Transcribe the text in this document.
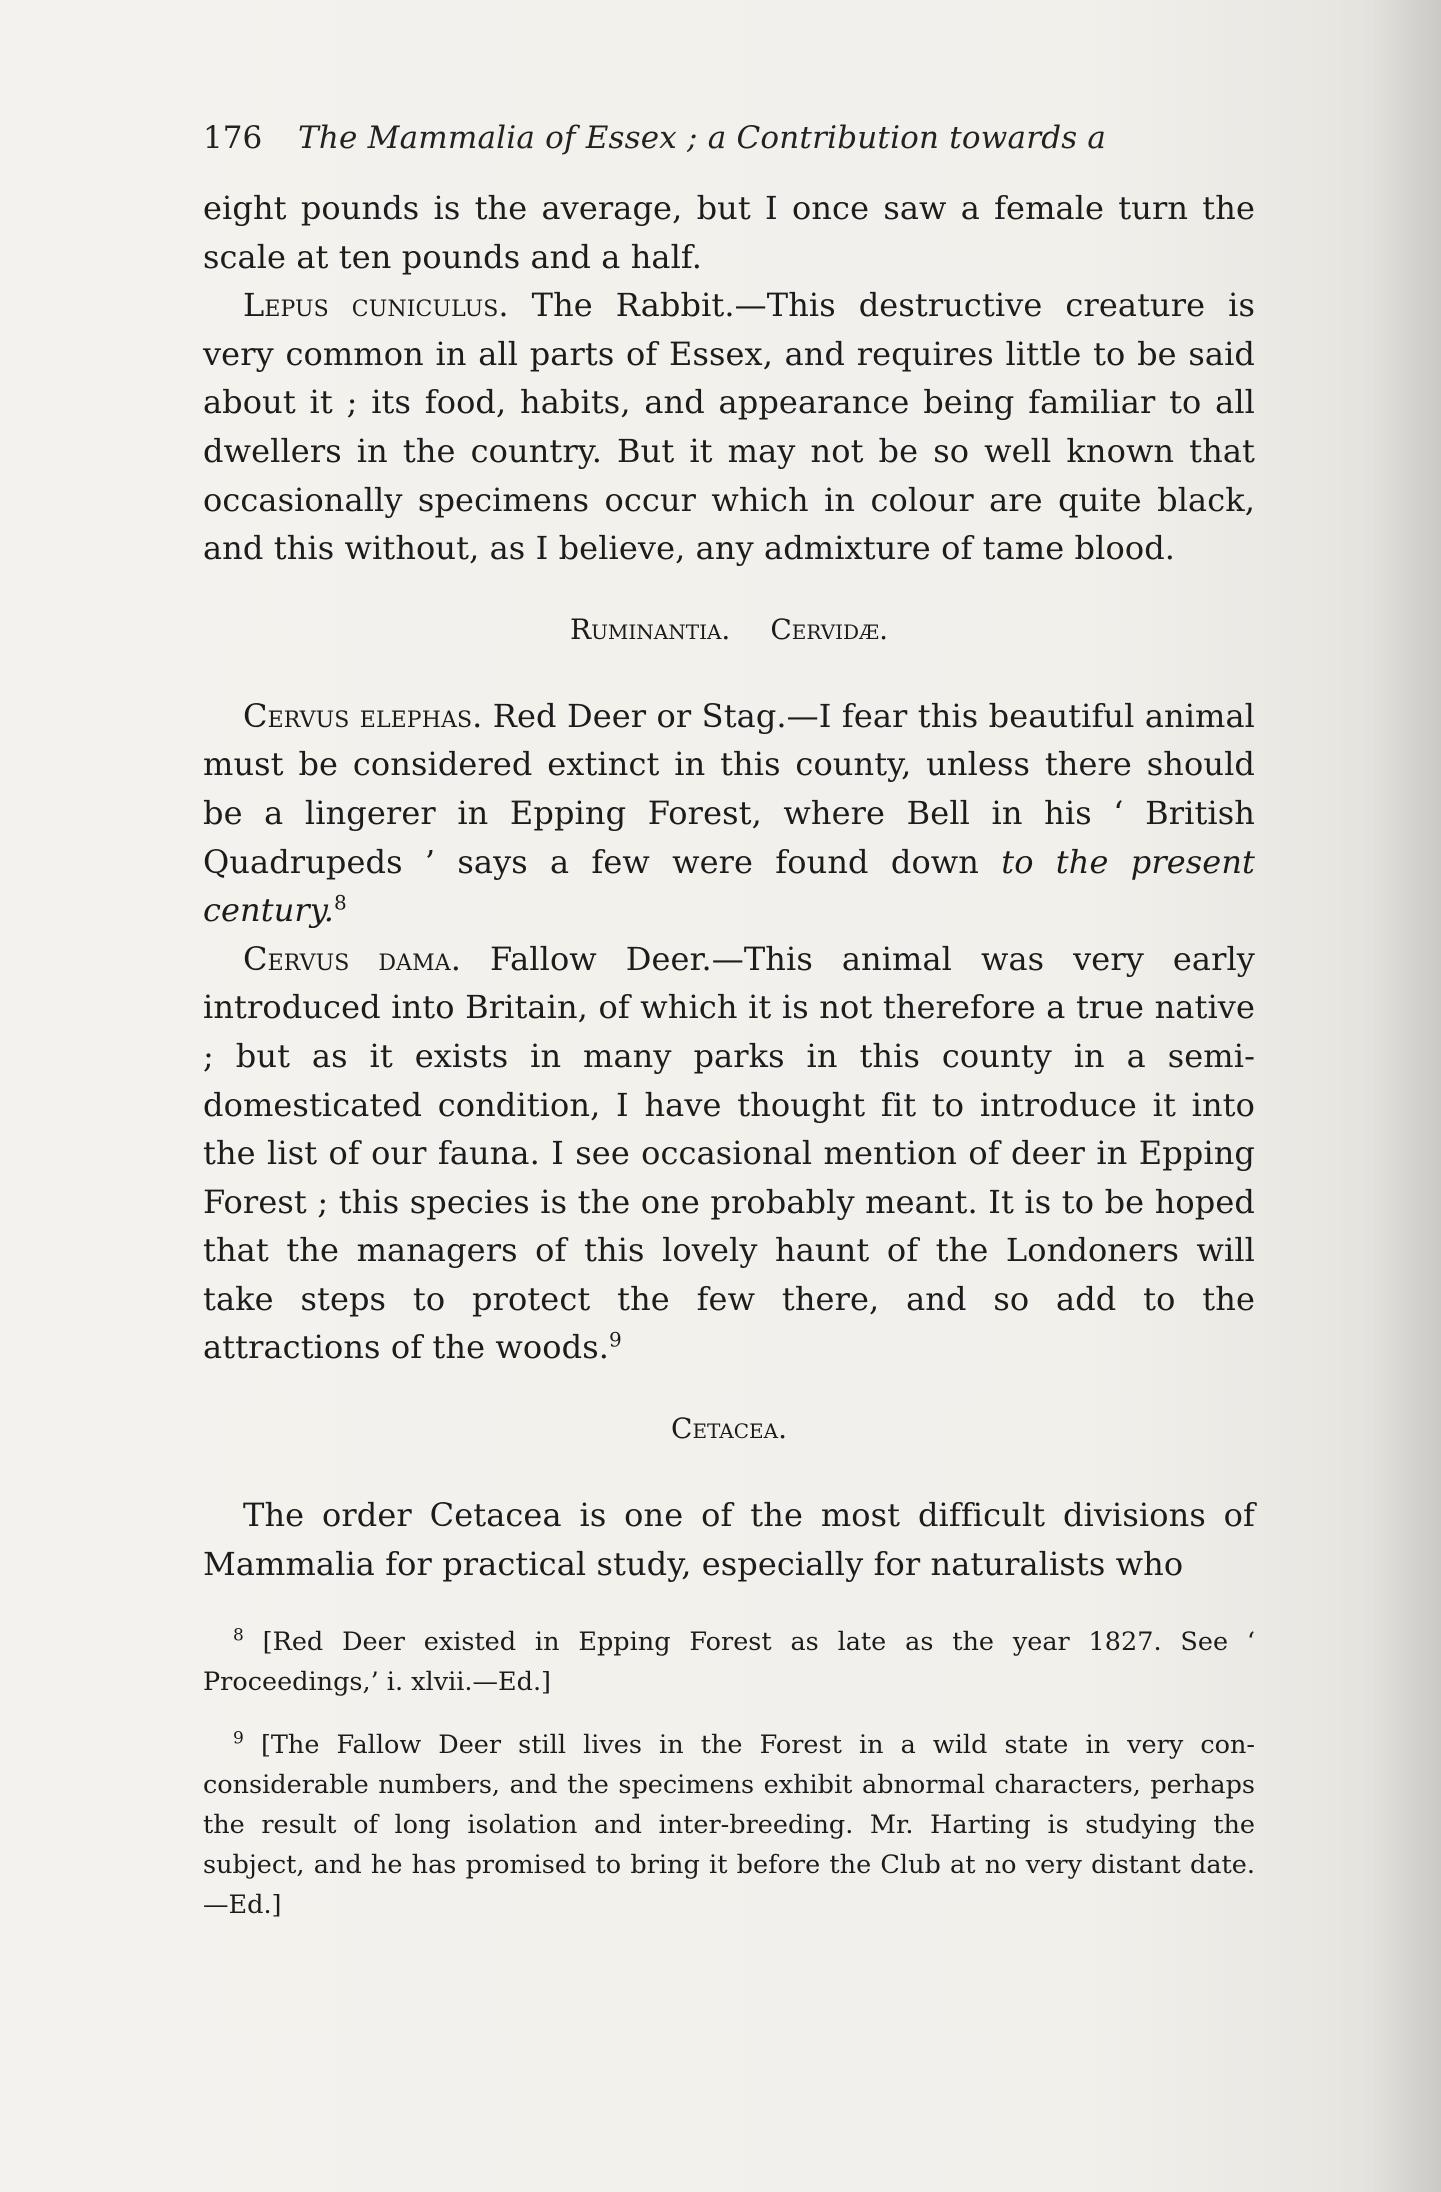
176	The Mammalia of Essex ; a Contribution towards a

eight pounds is the average, but I once saw a female turn the scale at ten pounds and a half.

Lepus cuniculus. The Rabbit.—This destructive creature is very common in all parts of Essex, and requires little to be said about it ; its food, habits, and appearance being familiar to all dwellers in the country. But it may not be so well known that occasionally specimens occur which in colour are quite black, and this without, as I believe, any admixture of tame blood.

Ruminantia. Cervidæ.

Cervus elephas. Red Deer or Stag.—I fear this beautiful animal must be considered extinct in this county, unless there should be a lingerer in Epping Forest, where Bell in his ‘ British Quadrupeds ’ says a few were found down to the present century.$^8$

Cervus dama. Fallow Deer.—This animal was very early introduced into Britain, of which it is not therefore a true native ; but as it exists in many parks in this county in a semi-domesticated condition, I have thought fit to introduce it into the list of our fauna. I see occasional mention of deer in Epping Forest ; this species is the one probably meant. It is to be hoped that the managers of this lovely haunt of the Londoners will take steps to protect the few there, and so add to the attractions of the woods.$^9$

Cetacea.

The order Cetacea is one of the most difficult divisions of Mammalia for practical study, especially for naturalists who

$^8$ [Red Deer existed in Epping Forest as late as the year 1827. See ‘ Proceedings,’ i. xlvii.—Ed.]

$^9$ [The Fallow Deer still lives in the Forest in a wild state in very con- considerable numbers, and the specimens exhibit abnormal characters, perhaps the result of long isolation and inter-breeding. Mr. Harting is studying the subject, and he has promised to bring it before the Club at no very distant date.—Ed.]
